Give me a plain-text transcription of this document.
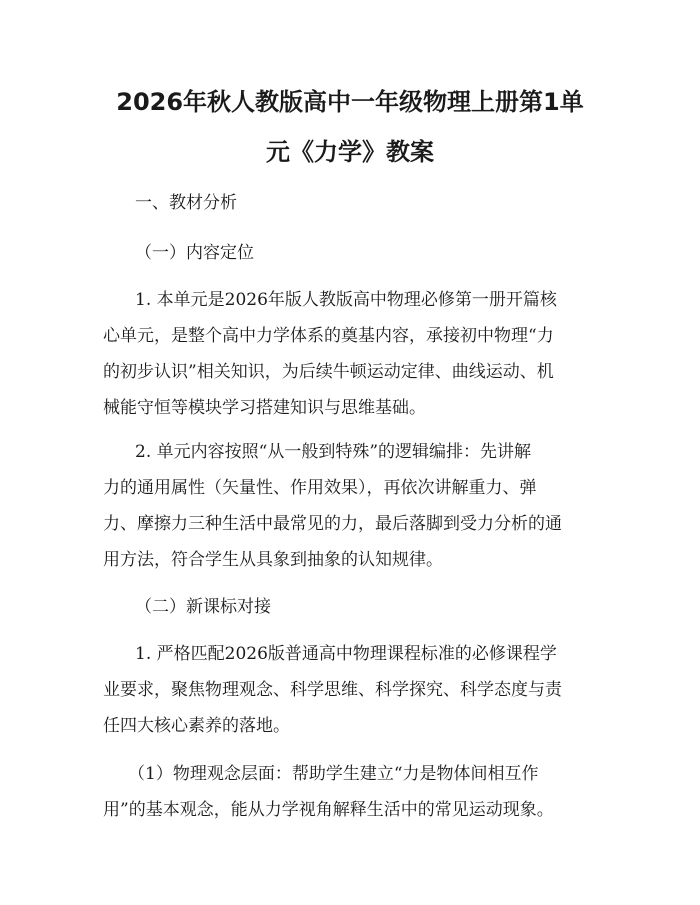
2026年秋人教版高中一年级物理上册第1单
元《力学》教案
一、教材分析
（一）内容定位
1. 本单元是2026年版人教版高中物理必修第一册开篇核
心单元，是整个高中力学体系的奠基内容，承接初中物理“力
的初步认识”相关知识，为后续牛顿运动定律、曲线运动、机
械能守恒等模块学习搭建知识与思维基础。
2. 单元内容按照“从一般到特殊”的逻辑编排：先讲解
力的通用属性（矢量性、作用效果），再依次讲解重力、弹
力、摩擦力三种生活中最常见的力，最后落脚到受力分析的通
用方法，符合学生从具象到抽象的认知规律。
（二）新课标对接
1. 严格匹配2026版普通高中物理课程标准的必修课程学
业要求，聚焦物理观念、科学思维、科学探究、科学态度与责
任四大核心素养的落地。
（1）物理观念层面：帮助学生建立“力是物体间相互作
用”的基本观念，能从力学视角解释生活中的常见运动现象。
